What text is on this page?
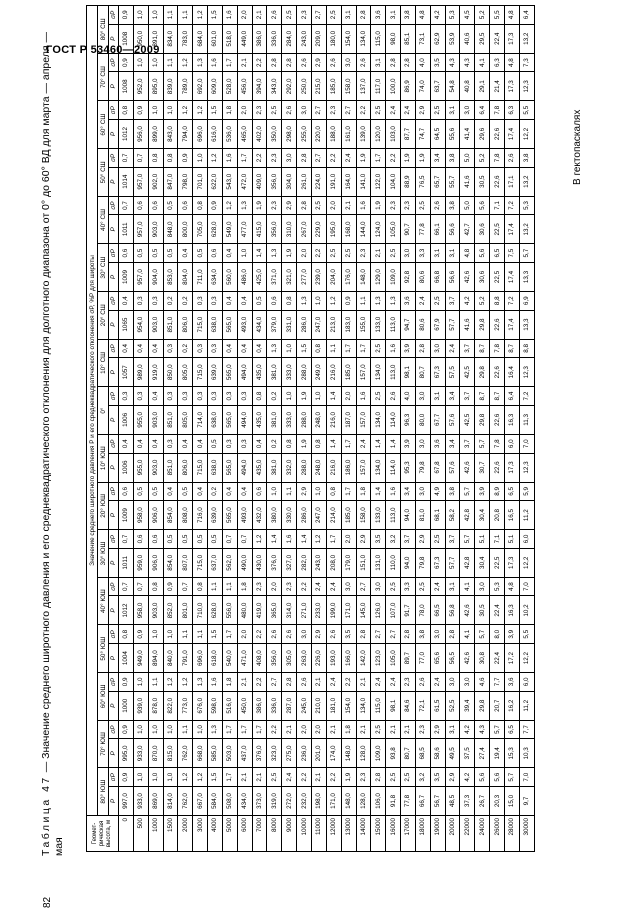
ГОСТ Р 53460—2009
Таблица 47 — Значение среднего широтного давления и его среднеквадратического отклонения для долготного диапазона от 0° до 60° ВД для марта — апреля — мая
В гектопаскалях
82
Геометрическая высота, м	Значение среднего широтного давления P и его среднеквадратического отклонения σP, %P для широты																																	
	80° ЮШ		70° ЮШ		60° ЮШ		50° ЮШ		40° ЮШ		30° ЮШ		20° ЮШ		10° ЮШ		0°		10° СШ		20° СШ		30° СШ		40° СШ		50° СШ		60° СШ		70° СШ		80° СШ	
	P	σP	P	σP	P	σP	P	σP	P	σP	P	σP	P	σP	P	σP	P	σP	P	σP	P	σP	P	σP	P	σP	P	σP	P	σP	P	σP	P	σP
0	997,0	0,9	995,0	0,9	1000	0,9	1004	0,8	1012	0,7	1011	0,7	1009	0,6	1006	0,4	1006	0,3	1057	0,4	1065	0,4	1009	0,6	1011	0,7	1014	0,7	1012	0,8	1008	0,9	1008	0,9
500	933,0	1,0	933,0	1,0	939,0	1,0	949,0	0,9	958,0	0,7	959,0	0,6	958,0	0,5	955,0	0,4	955,0	0,3	989,0	0,4	954,0	0,3	957,0	0,5	957,0	0,6	957,0	0,7	956,0	0,9	952,0	1,0	950,0	1,0
1000	869,0	1,0	870,0	1,0	878,0	1,1	894,0	1,0	903,0	0,8	906,0	0,6	906,0	0,5	903,0	0,4	903,0	0,4	919,0	0,4	903,0	0,3	904,0	0,5	903,0	0,6	902,0	0,8	899,0	1,0	895,0	1,0	891,0	1,0
1500	814,0	1,0	815,0	1,0	822,0	1,2	840,0	1,0	852,0	0,9	854,0	0,5	854,0	0,4	851,0	0,3	851,0	0,3	850,0	0,3	851,0	0,2	853,0	0,5	848,0	0,5	847,0	0,8	843,0	1,0	839,0	1,1	834,0	1,1
2000	762,0	1,2	762,0	1,1	773,0	1,2	791,0	1,1	801,0	0,7	807,0	0,5	808,0	0,5	806,0	0,4	805,0	0,3	805,0	0,2	806,0	0,2	804,0	0,4	800,0	0,6	798,0	0,9	794,0	1,2	789,0	1,2	783,0	1,1
3000	667,0	1,2	668,0	1,0	676,0	1,3	696,0	1,1	710,0	0,8	715,0	0,5	716,0	0,4	715,0	0,4	714,0	0,3	715,0	0,3	715,0	0,3	711,0	0,5	705,0	0,8	701,0	1,0	696,0	1,2	692,0	1,3	684,0	1,2
4000	584,0	1,5	585,0	1,3	598,0	1,6	618,0	1,5	628,0	1,1	637,0	0,5	639,0	0,2	638,0	0,5	638,0	0,3	639,0	0,3	638,0	0,3	634,0	0,6	628,0	0,9	622,0	1,2	616,0	1,5	609,0	1,6	601,0	1,5
5000	508,0	1,7	503,0	1,7	516,0	1,8	540,0	1,7	556,0	1,1	562,0	0,7	565,0	0,4	565,0	0,3	565,0	0,3	565,0	0,4	565,0	0,4	560,0	0,4	549,0	1,2	543,0	1,6	536,0	1,8	528,0	1,7	518,0	1,6
6000	434,0	2,1	437,0	1,7	450,0	2,1	471,0	2,0	480,0	1,8	490,0	0,7	493,0	0,4	494,0	0,3	494,0	0,3	494,0	0,4	493,0	0,4	486,0	1,0	477,0	1,3	472,0	1,7	465,0	2,0	456,0	2,1	449,0	2,0
7000	373,0	2,1	376,0	1,7	386,0	2,2	408,0	2,2	419,0	2,3	430,0	1,2	432,0	0,6	435,0	0,4	435,0	0,8	435,0	0,4	434,0	0,5	425,0	1,4	415,0	1,9	409,0	2,2	402,0	2,3	394,0	2,2	386,0	2,1
8000	319,0	2,5	323,0	2,2	336,0	2,7	356,0	2,6	365,0	2,0	376,0	1,4	380,0	1,0	381,0	0,2	381,0	0,2	381,0	1,3	379,0	0,6	371,0	1,3	356,0	2,3	356,0	2,3	350,0	2,5	343,0	2,8	336,0	2,6
9000	272,0	2,4	275,0	2,1	287,0	2,8	305,0	2,6	314,0	2,3	327,0	1,6	330,0	1,1	332,0	0,8	333,0	1,0	333,0	1,0	331,0	0,8	321,0	1,9	310,0	2,9	304,0	3,0	298,0	2,6	292,0	2,8	284,0	2,5
10000	232,0	2,2	236,0	2,0	245,0	2,6	263,0	3,0	271,0	2,2	282,0	1,4	286,0	2,9	288,0	1,9	288,0	1,9	288,0	1,5	286,0	1,3	277,0	2,0	267,0	2,8	261,0	2,8	255,0	3,0	250,0	2,6	243,0	2,3
11000	198,0	2,1	201,0	2,0	210,0	2,1	226,0	2,9	233,0	2,4	243,0	1,2	247,0	1,0	248,0	0,8	248,0	1,0	249,0	0,8	247,0	1,0	239,0	2,2	229,0	2,5	224,0	2,7	220,0	2,7	215,0	2,9	209,0	2,7
12000	171,0	2,2	174,0	2,1	181,0	2,4	193,0	2,6	199,0	2,4	208,0	1,7	214,0	0,8	216,0	1,4	216,0	1,4	216,0	1,1	213,0	1,2	204,0	2,5	195,0	2,0	191,0	2,2	188,0	2,3	185,0	2,6	180,0	2,5
13000	148,0	1,9	148,0	1,8	154,0	2,2	166,0	3,5	171,0	3,0	179,0	2,0	185,0	1,7	186,0	1,7	187,0	2,0	185,0	1,7	183,0	0,9	176,0	2,5	168,0	2,1	164,0	2,4	161,0	2,7	158,0	3,0	154,0	3,1
14000	128,0	2,3	128,0	2,1	134,0	2,1	142,0	2,8	145,0	2,7	151,0	2,9	158,0	1,8	157,0	2,4	157,0	1,6	157,0	1,7	155,0	1,1	148,0	2,3	144,0	1,6	141,0	1,9	139,0	2,2	137,0	2,6	134,0	2,8
15000	106,0	2,8	109,0	2,5	115,0	2,4	123,0	2,7	126,0	3,0	131,0	3,5	133,0	1,4	134,0	1,4	134,0	2,5	134,0	2,5	133,0	1,3	129,0	2,1	124,0	1,9	122,0	1,7	120,0	2,5	117,0	3,1	115,0	3,6
16000	91,8	2,5	93,8	2,1	98,1	2,4	105,0	2,7	107,0	2,5	110,0	3,2	113,0	1,6	114,0	1,4	114,0	2,6	113,0	1,6	113,0	1,3	109,0	2,5	105,0	2,3	104,0	2,2	103,0	2,4	100,0	2,8	98,0	3,1
17000	77,8	2,5	80,7	2,1	84,6	2,3	89,7	2,8	91,7	3,3	94,0	3,7	94,0	3,4	95,3	3,9	96,3	4,0	98,1	3,9	94,7	3,6	92,8	3,0	90,7	2,3	88,9	1,9	87,7	2,4	86,9	2,8	85,1	3,8
18000	66,7	3,2	68,5	2,3	72,1	2,6	77,0	3,8	78,0	2,5	79,8	2,9	81,0	3,0	79,8	3,0	80,0	3,0	80,7	2,8	80,6	2,4	80,6	3,3	77,8	2,5	76,5	1,9	74,7	2,9	74,0	4,0	73,1	4,8
19000	56,7	3,5	58,6	2,9	61,5	2,4	65,6	3,0	66,5	2,4	67,3	2,5	68,1	4,9	67,8	3,6	67,7	3,1	67,3	3,0	67,9	2,5	66,8	3,1	66,1	2,6	65,7	3,4	64,5	2,5	63,7	3,5	62,9	4,2
20000	48,5	2,9	49,5	3,1	52,5	3,0	56,5	2,8	56,8	3,1	57,7	3,7	58,2	3,8	57,6	3,4	57,6	3,4	57,5	2,4	57,7	3,7	56,6	3,1	56,6	3,8	55,7	3,8	55,6	3,1	54,8	4,3	53,9	5,3
22000	37,3	4,2	37,5	4,2	39,4	3,0	42,6	4,1	42,6	4,1	42,8	5,7	42,8	5,7	42,6	3,7	42,5	3,7	42,5	3,7	41,6	4,2	42,6	4,8	42,7	5,0	41,6	5,0	41,4	3,0	40,8	4,3	40,6	4,5
24000	26,7	5,6	27,4	4,3	29,8	4,6	30,8	5,7	30,5	3,0	30,4	5,1	30,4	3,9	30,7	5,7	29,8	8,7	29,8	8,7	29,8	5,2	30,6	5,6	30,6	5,6	30,5	5,2	29,6	6,4	29,1	4,1	29,5	5,2
26000	20,3	5,6	19,4	5,7	20,7	7,7	22,4	8,0	22,4	5,3	22,5	7,1	20,8	8,9	22,6	7,8	22,6	8,7	22,6	7,8	22,6	8,8	22,5	6,5	22,5	7,1	22,6	7,8	22,6	7,8	21,4	6,3	22,4	5,5
28000	15,0	5,7	15,3	6,5	16,2	3,6	17,2	3,9	16,3	4,8	17,3	5,1	16,5	6,5	17,3	6,0	16,3	6,4	16,4	8,7	17,4	7,2	17,4	7,5	17,4	7,2	17,1	2,6	17,4	6,3	17,3	4,8	17,3	4,8
30000	9,7	7,0	10,3	7,7	11,2	6,0	12,2	5,5	10,2	7,0	12,2	6,0	11,2	5,9	12,3	7,0	11,3	7,2	12,3	8,8	13,3	6,9	13,3	5,7	13,2	5,3	13,2	3,8	12,2	5,5	12,3	7,3	13,2	6,4
